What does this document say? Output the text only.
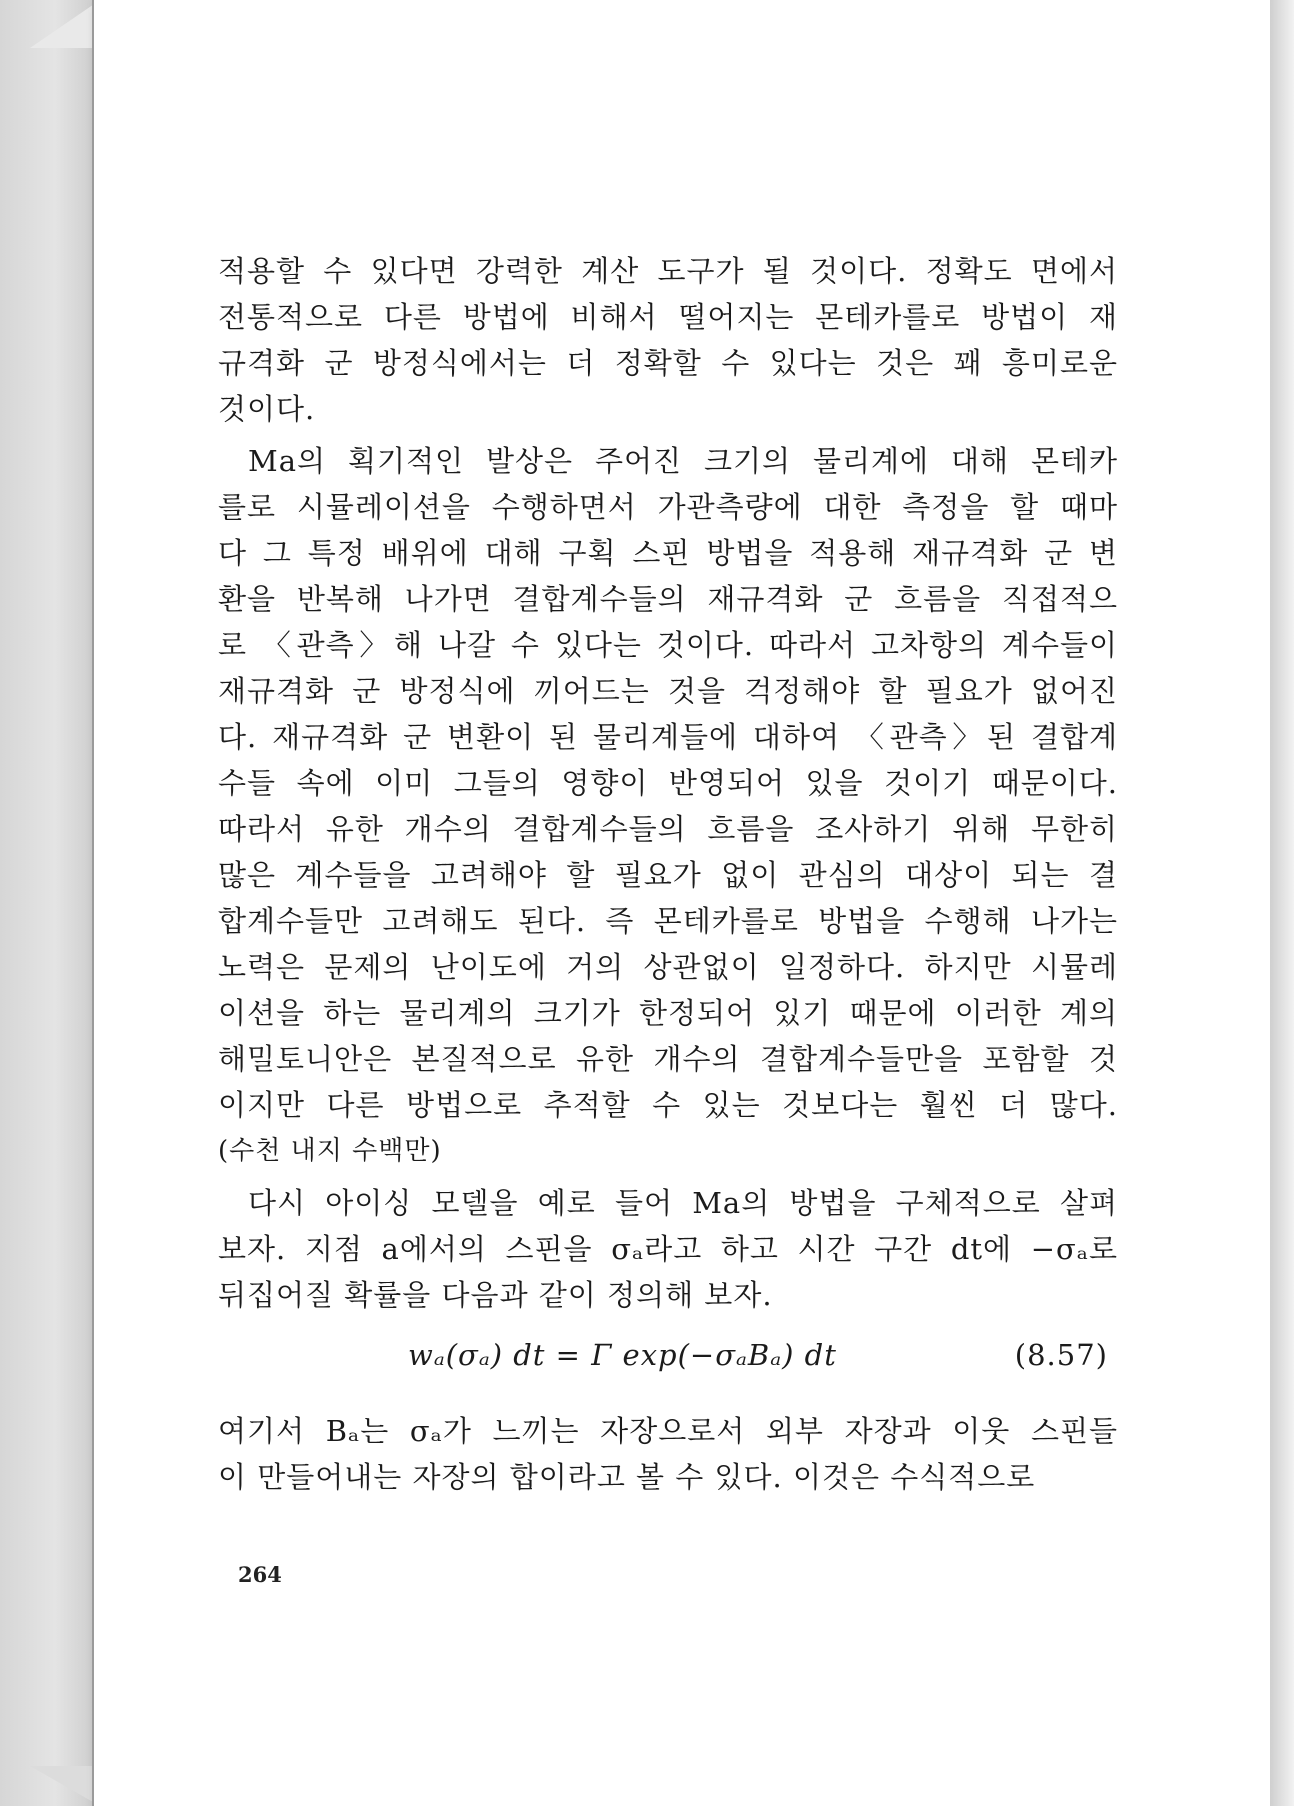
적용할 수 있다면 강력한 계산 도구가 될 것이다. 정확도 면에서
전통적으로 다른 방법에 비해서 떨어지는 몬테카를로 방법이 재
규격화 군 방정식에서는 더 정확할 수 있다는 것은 꽤 흥미로운
것이다.
Ma의 획기적인 발상은 주어진 크기의 물리계에 대해 몬테카
를로 시뮬레이션을 수행하면서 가관측량에 대한 측정을 할 때마
다 그 특정 배위에 대해 구획 스핀 방법을 적용해 재규격화 군 변
환을 반복해 나가면 결합계수들의 재규격화 군 흐름을 직접적으
로 〈관측〉해 나갈 수 있다는 것이다. 따라서 고차항의 계수들이
재규격화 군 방정식에 끼어드는 것을 걱정해야 할 필요가 없어진
다. 재규격화 군 변환이 된 물리계들에 대하여 〈관측〉된 결합계
수들 속에 이미 그들의 영향이 반영되어 있을 것이기 때문이다.
따라서 유한 개수의 결합계수들의 흐름을 조사하기 위해 무한히
많은 계수들을 고려해야 할 필요가 없이 관심의 대상이 되는 결
합계수들만 고려해도 된다. 즉 몬테카를로 방법을 수행해 나가는
노력은 문제의 난이도에 거의 상관없이 일정하다. 하지만 시뮬레
이션을 하는 물리계의 크기가 한정되어 있기 때문에 이러한 계의
해밀토니안은 본질적으로 유한 개수의 결합계수들만을 포함할 것
이지만 다른 방법으로 추적할 수 있는 것보다는 훨씬 더 많다.
(수천 내지 수백만)
다시 아이싱 모델을 예로 들어 Ma의 방법을 구체적으로 살펴
보자. 지점 a에서의 스핀을 σₐ라고 하고 시간 구간 dt에 −σₐ로
뒤집어질 확률을 다음과 같이 정의해 보자.
wₐ(σₐ) dt = Γ exp(−σₐBₐ) dt	(8.57)
여기서 Bₐ는 σₐ가 느끼는 자장으로서 외부 자장과 이웃 스핀들
이 만들어내는 자장의 합이라고 볼 수 있다. 이것은 수식적으로
264
